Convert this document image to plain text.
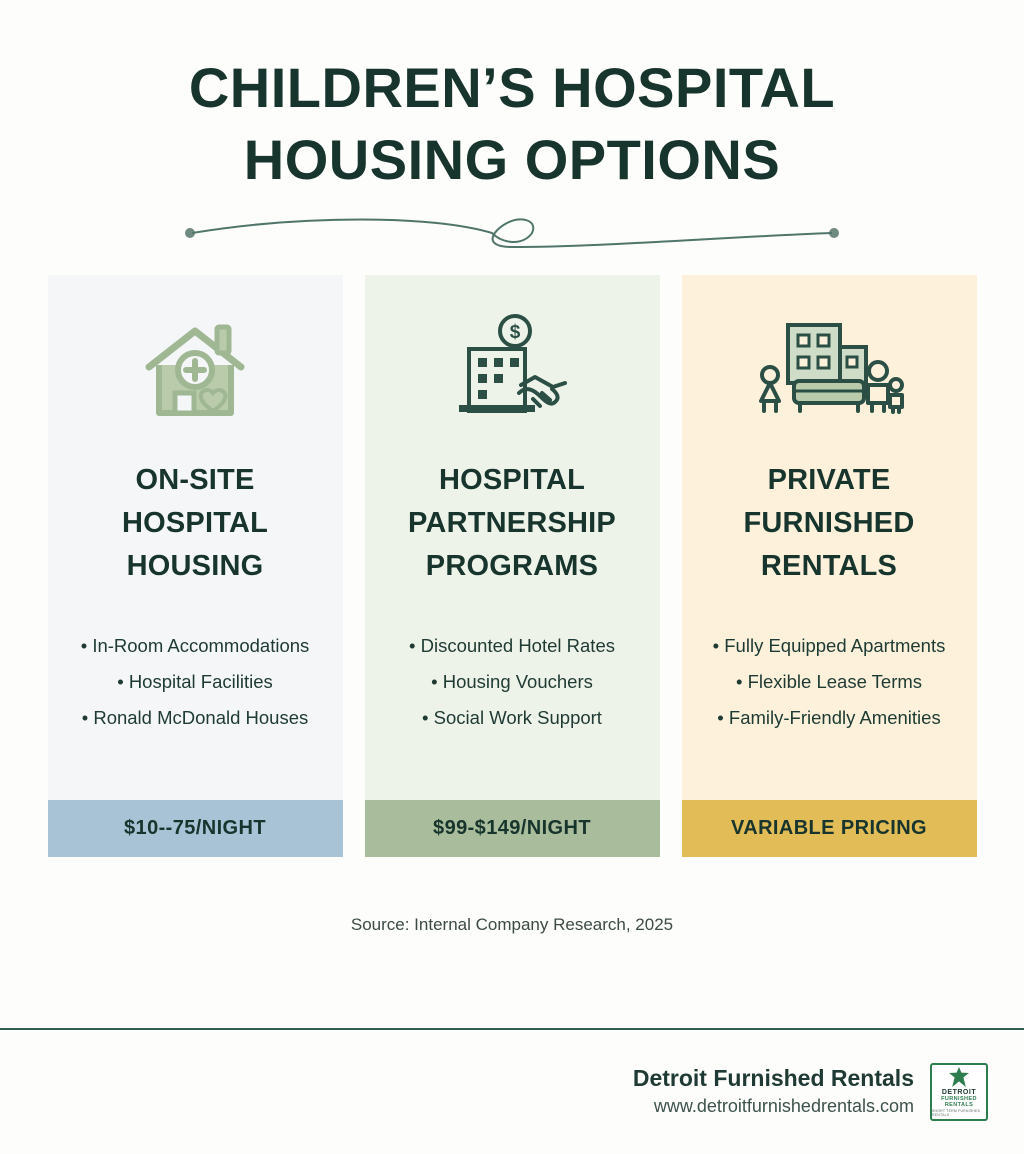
CHILDREN’S HOSPITAL HOUSING OPTIONS
ON-SITE HOSPITAL HOUSING
• In-Room Accommodations
• Hospital Facilities
• Ronald McDonald Houses
$10--75/NIGHT
$
HOSPITAL PARTNERSHIP PROGRAMS
• Discounted Hotel Rates
• Housing Vouchers
• Social Work Support
$99-$149/NIGHT
PRIVATE FURNISHED RENTALS
• Fully Equipped Apartments
• Flexible Lease Terms
• Family-Friendly Amenities
VARIABLE PRICING
Source: Internal Company Research, 2025
Detroit Furnished Rentals
www.detroitfurnishedrentals.com
DETROIT
FURNISHED
RENTALS
SHORT TERM FURNISHED RENTALS
